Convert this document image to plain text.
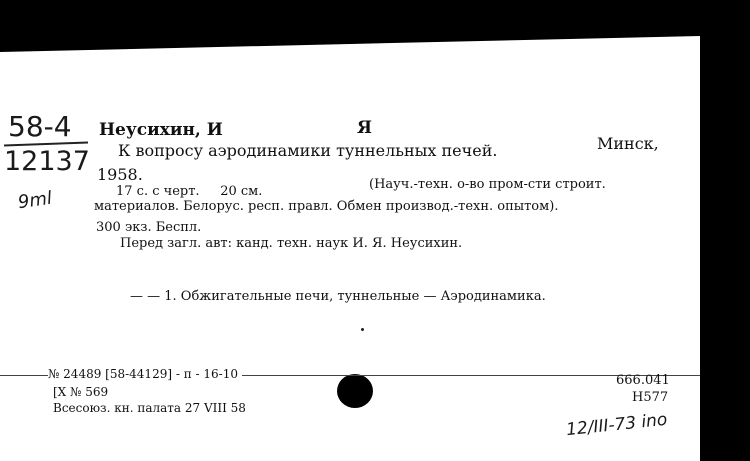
58-4
12137
9ml
Неусихин, И	Я
К вопросу аэродинамики туннельных печей.	Минск,
1958.
17 с. с черт.     20 см.	(Науч.-техн. о-во пром-сти строит.
материалов. Белорус. респ. правл. Обмен производ.-техн. опытом).
300 экз. Беспл.
Перед загл. авт: канд. техн. наук И. Я. Неусихин.
— — 1. Обжигательные печи, туннельные — Аэродинамика.
№ 24489 [58-44129] - п - 16-10
[X № 569
Всесоюз. кн. палата 27 VIII 58
666.041
H577
12/III-73 ino
